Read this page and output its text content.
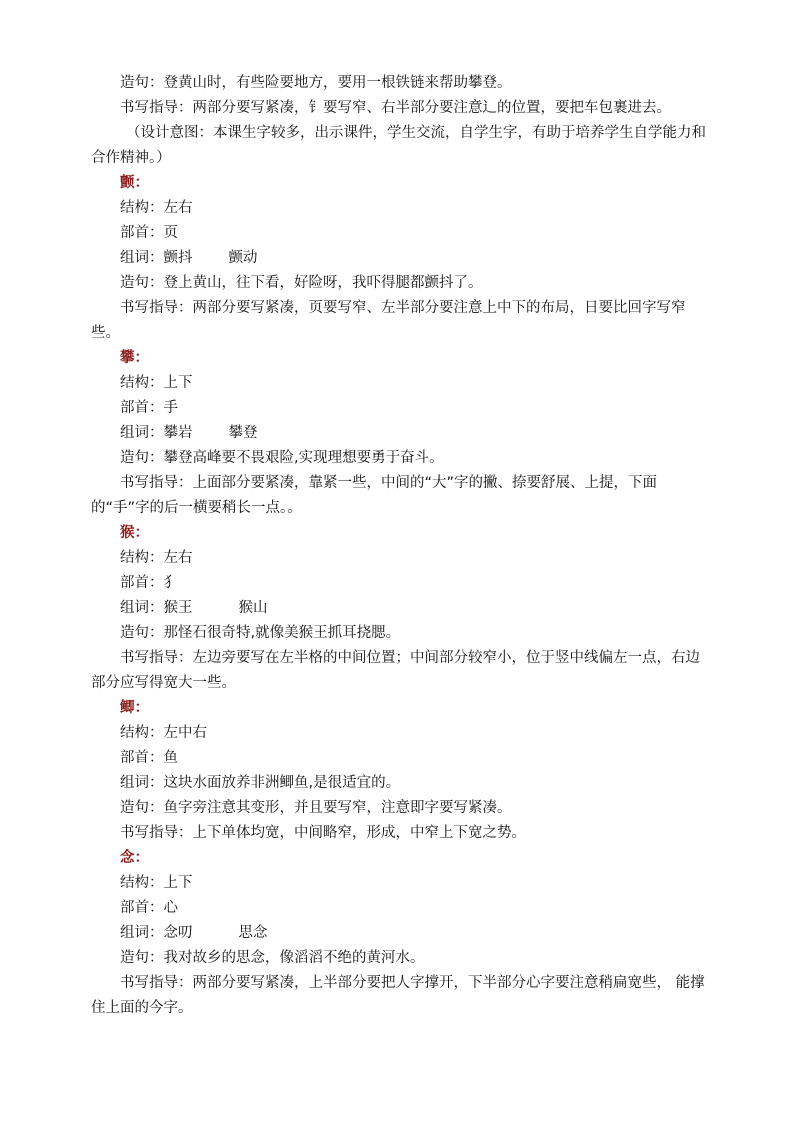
造句：登黄山时，有些险要地方，要用一根铁链来帮助攀登。

书写指导：两部分要写紧凑，钅要写窄、右半部分要注意辶的位置，要把车包裹进去。

（设计意图：本课生字较多，出示课件，学生交流，自学生字，有助于培养学生自学能力和合作精神。）

颤：

结构：左右

部首：页

组词：颤抖 颤动

造句：登上黄山，往下看，好险呀，我吓得腿都颤抖了。

书写指导：两部分要写紧凑，页要写窄、左半部分要注意上中下的布局，日要比回字写窄些。

攀：

结构：上下

部首：手

组词：攀岩 攀登

造句：攀登高峰要不畏艰险,实现理想要勇于奋斗。

书写指导：上面部分要紧凑，靠紧一些，中间的“大”字的撇、捺要舒展、上提，下面的“手”字的后一横要稍长一点。。

猴：

结构：左右

部首：犭

组词：猴王	猴山

造句：那怪石很奇特,就像美猴王抓耳挠腮。

书写指导：左边旁要写在左半格的中间位置；中间部分较窄小，位于竖中线偏左一点，右边部分应写得宽大一些。

鲫：

结构：左中右

部首：鱼

组词：这块水面放养非洲鲫鱼,是很适宜的。

造句：鱼字旁注意其变形，并且要写窄，注意即字要写紧凑。

书写指导：上下单体均宽，中间略窄，形成，中窄上下宽之势。

念：

结构：上下

部首：心

组词：念叨	思念

造句：我对故乡的思念，像滔滔不绝的黄河水。

书写指导：两部分要写紧凑，上半部分要把人字撑开，下半部分心字要注意稍扁宽些， 能撑住上面的今字。
